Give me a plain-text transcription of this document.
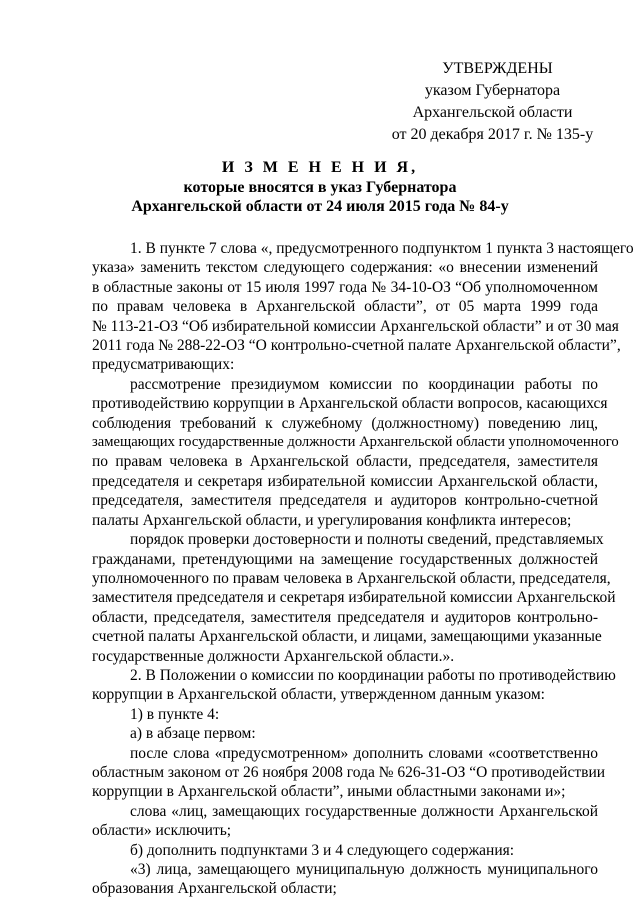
УТВЕРЖДЕНЫ
указом Губернатора
Архангельской области
от 20 декабря 2017 г. № 135-у
И З М Е Н Е Н И Я,
которые вносятся в указ Губернатора
Архангельской области от 24 июля 2015 года № 84-у
1. В пункте 7 слова «, предусмотренного подпунктом 1 пункта 3 настоящего
указа» заменить текстом следующего содержания: «о внесении изменений
в областные законы от 15 июля 1997 года № 34-10-ОЗ “Об уполномоченном
по правам человека в Архангельской области”, от 05 марта 1999 года
№ 113-21-ОЗ “Об избирательной комиссии Архангельской области” и от 30 мая
2011 года № 288-22-ОЗ “О контрольно-счетной палате Архангельской области”,
предусматривающих:
рассмотрение президиумом комиссии по координации работы по
противодействию коррупции в Архангельской области вопросов, касающихся
соблюдения требований к служебному (должностному) поведению лиц,
замещающих государственные должности Архангельской области уполномоченного
по правам человека в Архангельской области, председателя, заместителя
председателя и секретаря избирательной комиссии Архангельской области,
председателя, заместителя председателя и аудиторов контрольно-счетной
палаты Архангельской области, и урегулирования конфликта интересов;
порядок проверки достоверности и полноты сведений, представляемых
гражданами, претендующими на замещение государственных должностей
уполномоченного по правам человека в Архангельской области, председателя,
заместителя председателя и секретаря избирательной комиссии Архангельской
области, председателя, заместителя председателя и аудиторов контрольно-
счетной палаты Архангельской области, и лицами, замещающими указанные
государственные должности Архангельской области.».
2. В Положении о комиссии по координации работы по противодействию
коррупции в Архангельской области, утвержденном данным указом:
1) в пункте 4:
а) в абзаце первом:
после слова «предусмотренном» дополнить словами «соответственно
областным законом от 26 ноября 2008 года № 626-31-ОЗ “О противодействии
коррупции в Архангельской области”, иными областными законами и»;
слова «лиц, замещающих государственные должности Архангельской
области» исключить;
б) дополнить подпунктами 3 и 4 следующего содержания:
«3) лица, замещающего муниципальную должность муниципального
образования Архангельской области;
